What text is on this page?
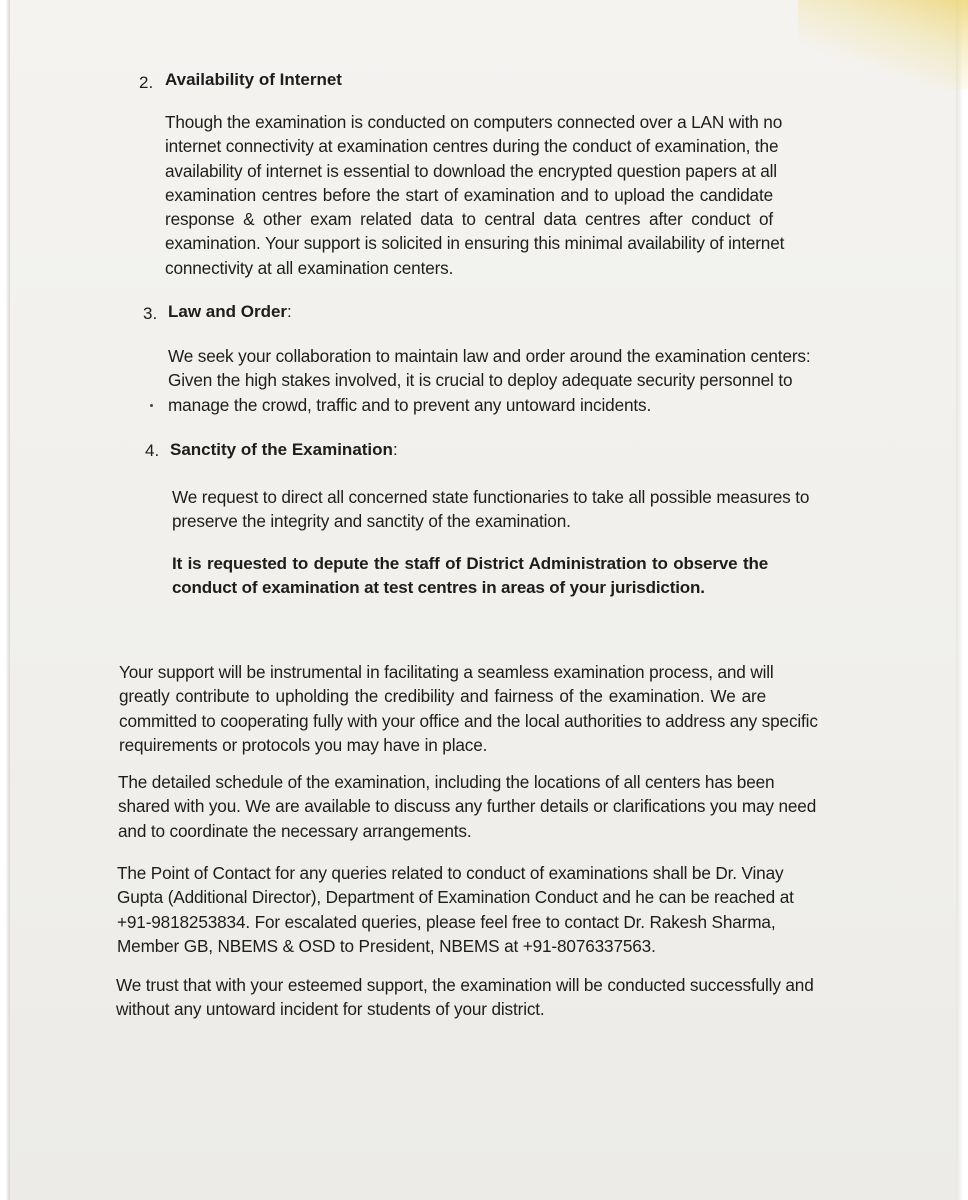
2. Availability of Internet
Though the examination is conducted on computers connected over a LAN with no
internet connectivity at examination centres during the conduct of examination, the
availability of internet is essential to download the encrypted question papers at all
examination centres before the start of examination and to upload the candidate
response & other exam related data to central data centres after conduct of
examination. Your support is solicited in ensuring this minimal availability of internet
connectivity at all examination centers.
3. Law and Order:
We seek your collaboration to maintain law and order around the examination centers:
Given the high stakes involved, it is crucial to deploy adequate security personnel to
manage the crowd, traffic and to prevent any untoward incidents.
4. Sanctity of the Examination:
We request to direct all concerned state functionaries to take all possible measures to
preserve the integrity and sanctity of the examination.
It is requested to depute the staff of District Administration to observe the
conduct of examination at test centres in areas of your jurisdiction.
Your support will be instrumental in facilitating a seamless examination process, and will
greatly contribute to upholding the credibility and fairness of the examination. We are
committed to cooperating fully with your office and the local authorities to address any specific
requirements or protocols you may have in place.
The detailed schedule of the examination, including the locations of all centers has been
shared with you. We are available to discuss any further details or clarifications you may need
and to coordinate the necessary arrangements.
The Point of Contact for any queries related to conduct of examinations shall be Dr. Vinay
Gupta (Additional Director), Department of Examination Conduct and he can be reached at
+91-9818253834. For escalated queries, please feel free to contact Dr. Rakesh Sharma,
Member GB, NBEMS & OSD to President, NBEMS at +91-8076337563.
We trust that with your esteemed support, the examination will be conducted successfully and
without any untoward incident for students of your district.
